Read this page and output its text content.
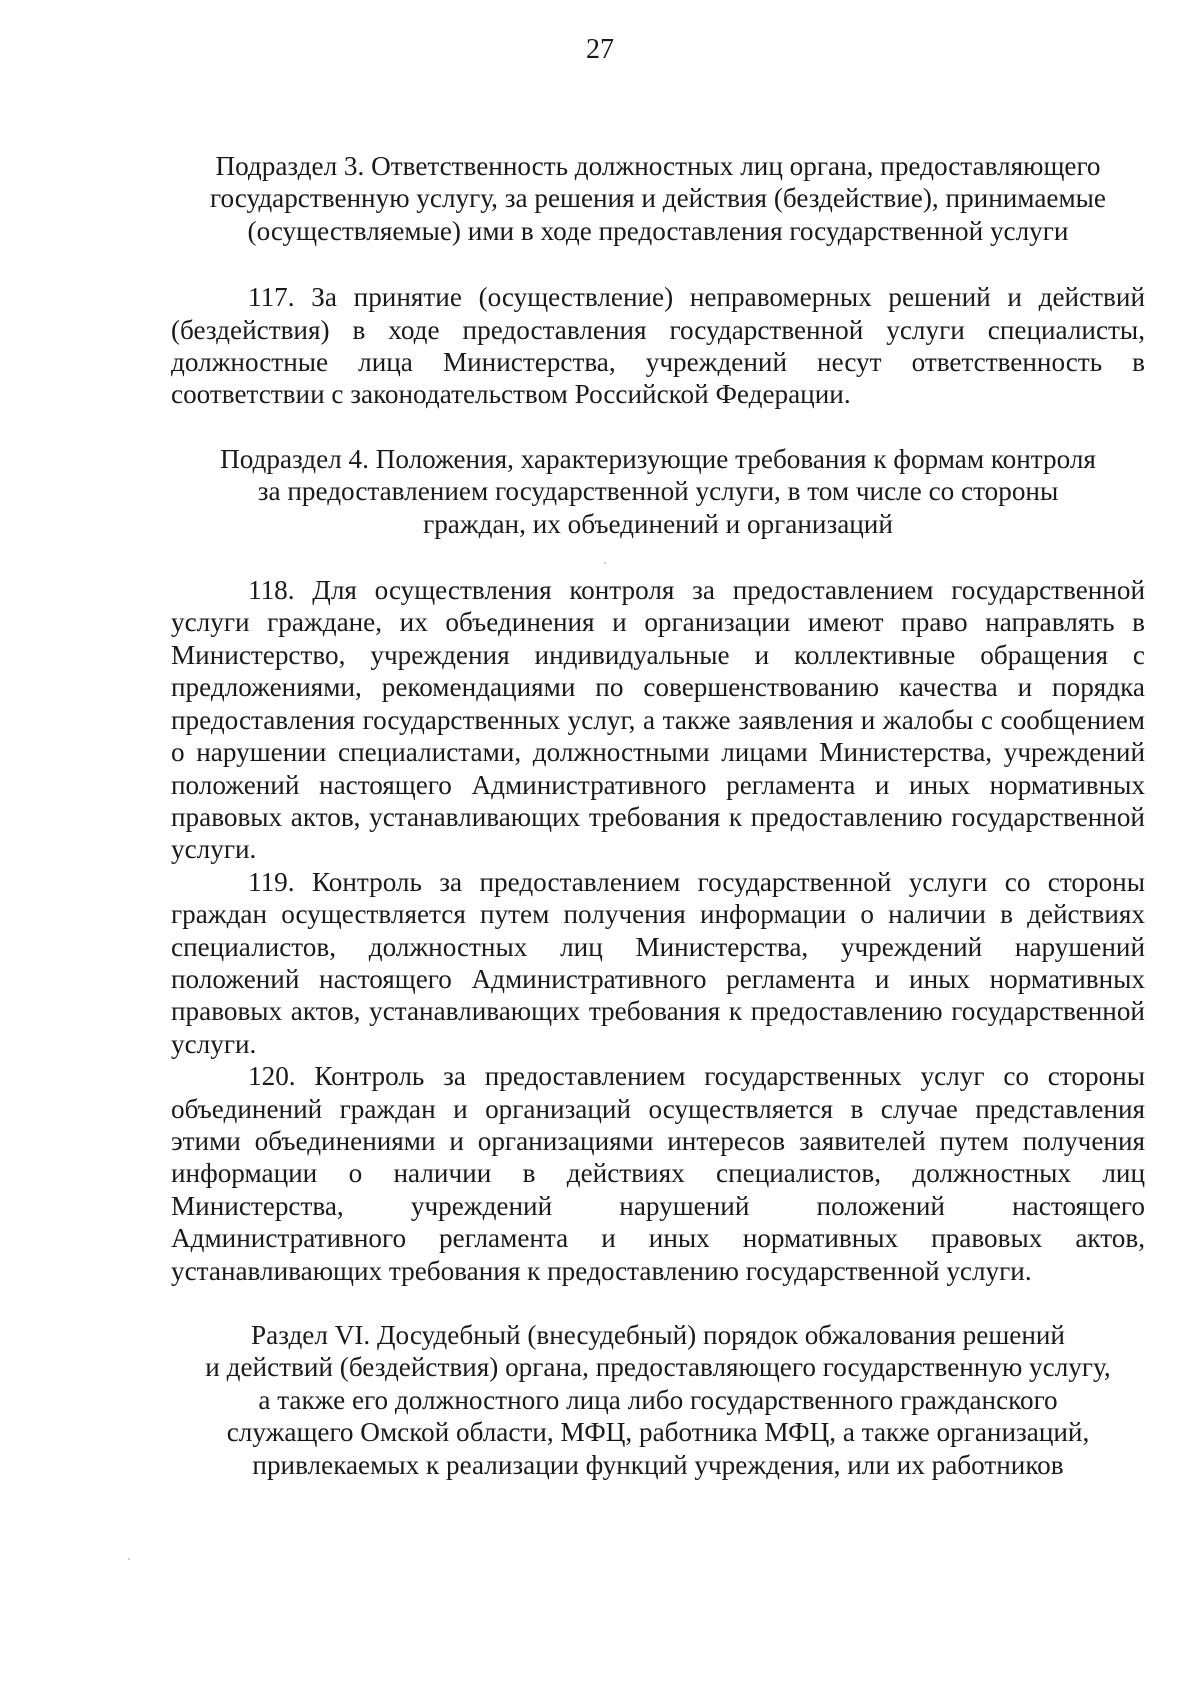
27
Подраздел 3. Ответственность должностных лиц органа, предоставляющего
государственную услугу, за решения и действия (бездействие), принимаемые
(осуществляемые) ими в ходе предоставления государственной услуги

117. За принятие (осуществление) неправомерных решений и действий (бездействия) в ходе предоставления государственной услуги специалисты, должностные лица Министерства, учреждений несут ответственность в соответствии с законодательством Российской Федерации.

Подраздел 4. Положения, характеризующие требования к формам контроля
за предоставлением государственной услуги, в том числе со стороны
граждан, их объединений и организаций

118. Для осуществления контроля за предоставлением государственной услуги граждане, их объединения и организации имеют право направлять в Министерство, учреждения индивидуальные и коллективные обращения с предложениями, рекомендациями по совершенствованию качества и порядка предоставления государственных услуг, а также заявления и жалобы с сообщением о нарушении специалистами, должностными лицами Министерства, учреждений положений настоящего Административного регламента и иных нормативных правовых актов, устанавливающих требования к предоставлению государственной услуги.

119. Контроль за предоставлением государственной услуги со стороны граждан осуществляется путем получения информации о наличии в действиях специалистов, должностных лиц Министерства, учреждений нарушений положений настоящего Административного регламента и иных нормативных правовых актов, устанавливающих требования к предоставлению государственной услуги.

120. Контроль за предоставлением государственных услуг со стороны объединений граждан и организаций осуществляется в случае представления этими объединениями и организациями интересов заявителей путем получения информации о наличии в действиях специалистов, должностных лиц Министерства, учреждений нарушений положений настоящего Административного регламента и иных нормативных правовых актов, устанавливающих требования к предоставлению государственной услуги.

Раздел VI. Досудебный (внесудебный) порядок обжалования решений
и действий (бездействия) органа, предоставляющего государственную услугу,
а также его должностного лица либо государственного гражданского
служащего Омской области, МФЦ, работника МФЦ, а также организаций,
привлекаемых к реализации функций учреждения, или их работников
